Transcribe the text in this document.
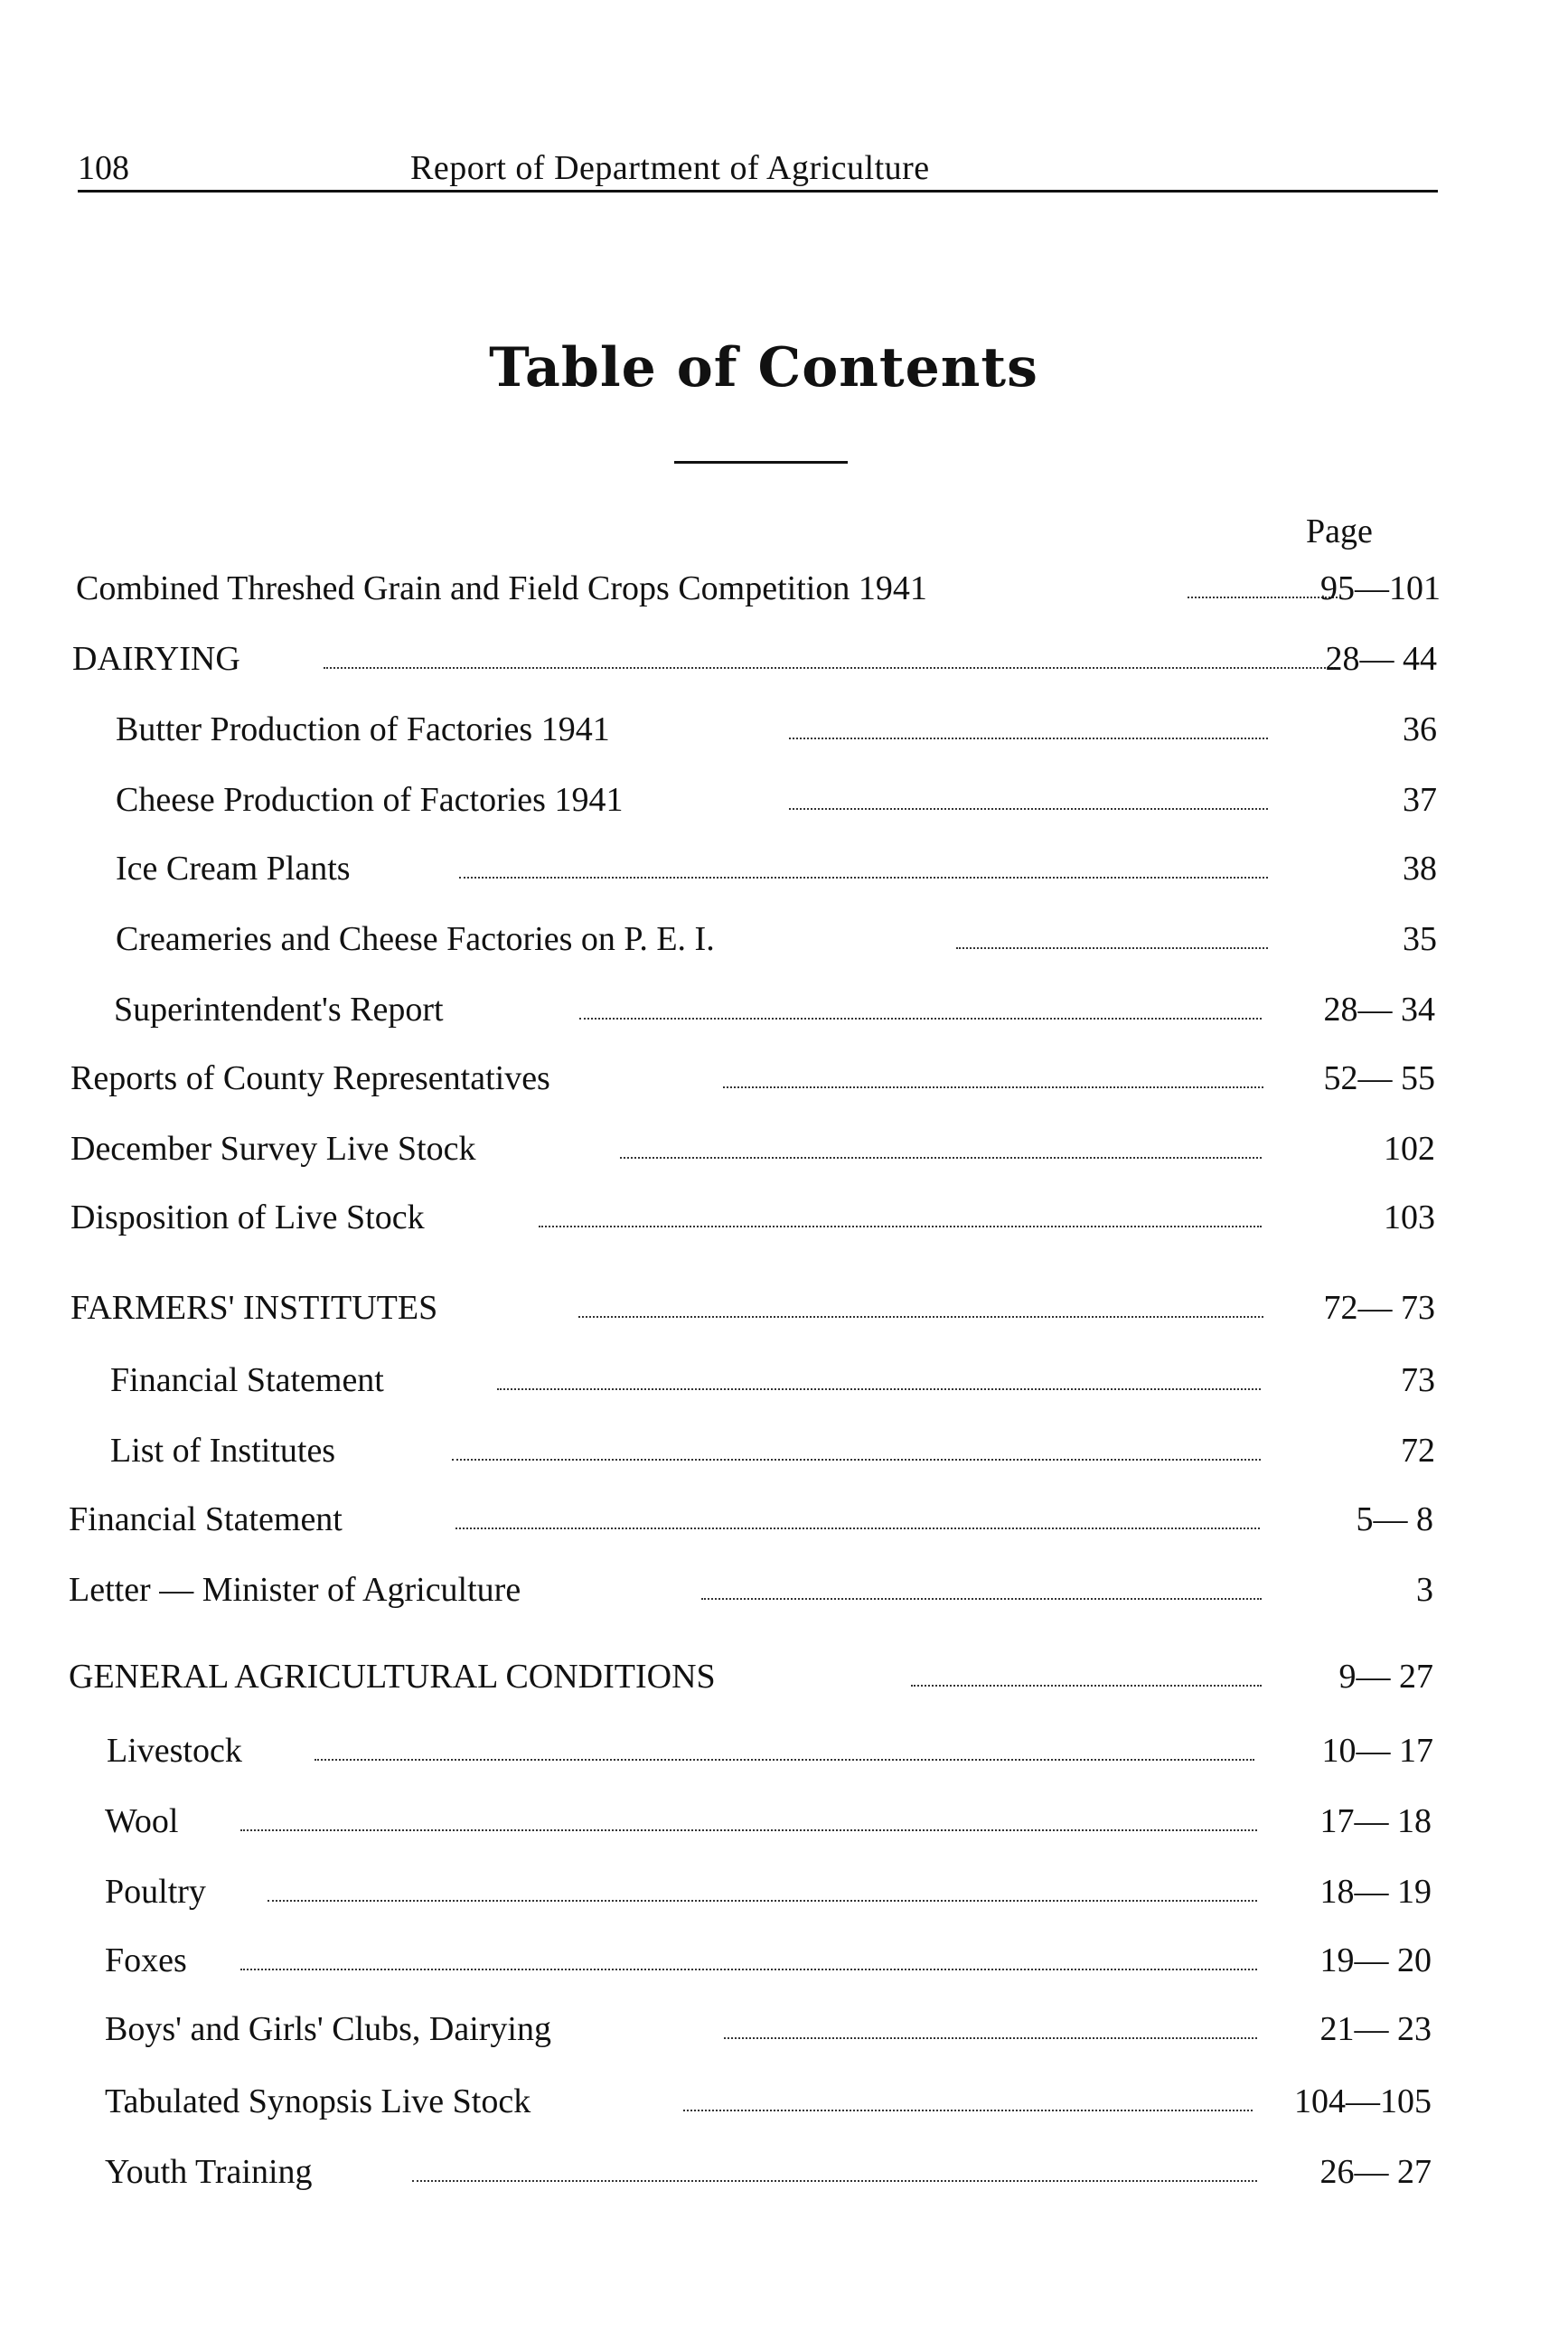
108	Report of Department of Agriculture
Table of Contents
Page
Combined Threshed Grain and Field Crops Competition 1941	95—101
DAIRYING	28— 44
Butter Production of Factories 1941	36
Cheese Production of Factories 1941	37
Ice Cream Plants	38
Creameries and Cheese Factories on P. E. I.	35
Superintendent's Report	28— 34
Reports of County Representatives	52— 55
December Survey Live Stock	102
Disposition of Live Stock	103
FARMERS' INSTITUTES	72— 73
Financial Statement	73
List of Institutes	72
Financial Statement	5— 8
Letter — Minister of Agriculture	3
GENERAL AGRICULTURAL CONDITIONS	9— 27
Livestock	10— 17
Wool	17— 18
Poultry	18— 19
Foxes	19— 20
Boys' and Girls' Clubs, Dairying	21— 23
Tabulated Synopsis Live Stock	104—105
Youth Training	26— 27
